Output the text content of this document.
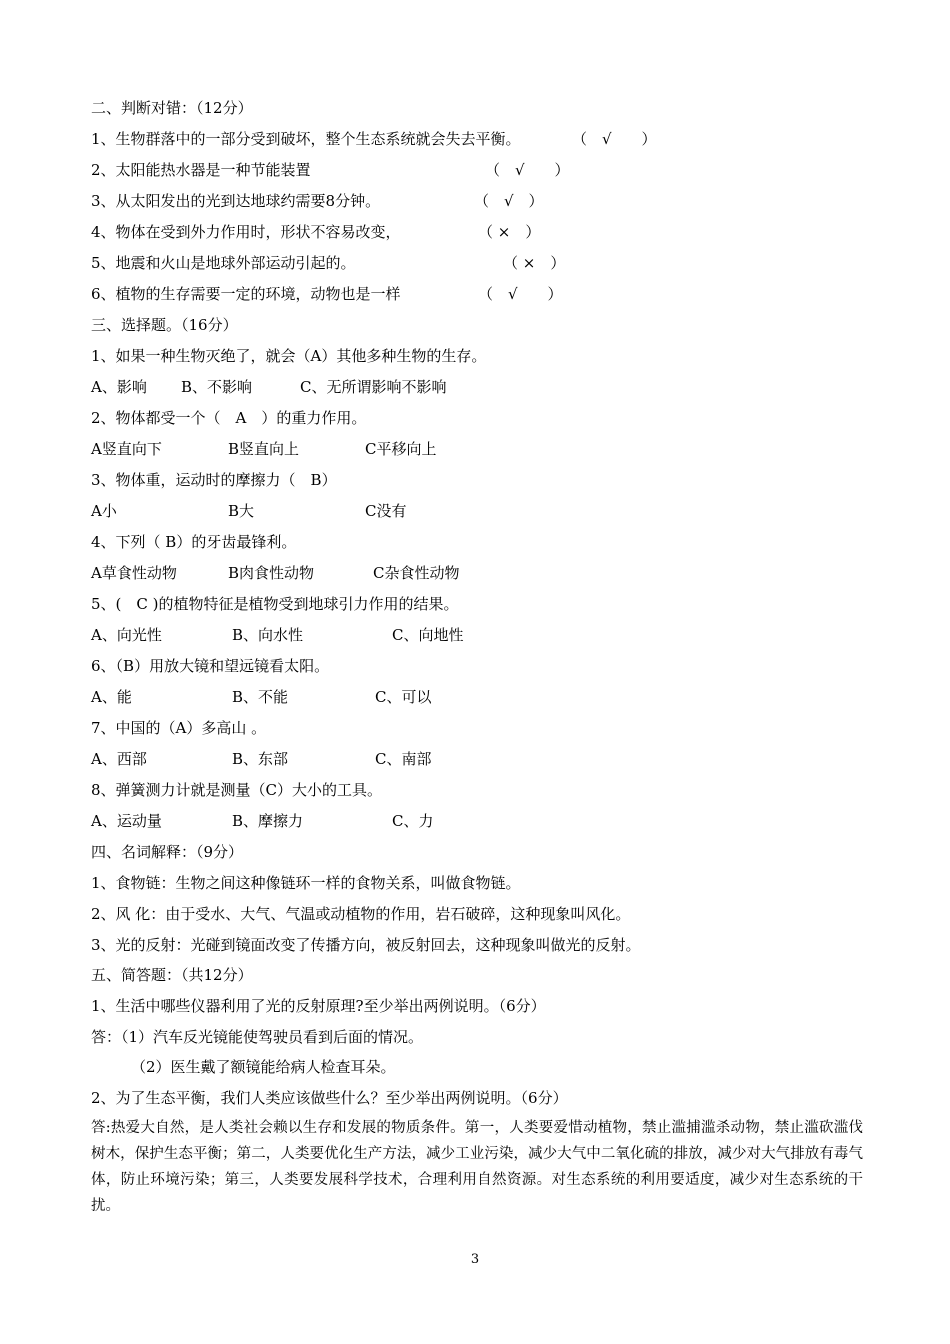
二、判断对错：（12分）
1、生物群落中的一部分受到破坏，整个生态系统就会失去平衡。	（　√　　）
2、太阳能热水器是一种节能装置	（　√　　）
3、从太阳发出的光到达地球约需要8分钟。	（　√　）
4、物体在受到外力作用时，形状不容易改变，	（ ×　）
5、地震和火山是地球外部运动引起的。	（ ×　）
6、植物的生存需要一定的环境，动物也是一样	（　√　　）
三、选择题。（16分）
1、如果一种生物灭绝了，就会（A）其他多种生物的生存。
A、影响 B、不影响	C、无所谓影响不影响
2、物体都受一个（　A　）的重力作用。
A竖直向下	B竖直向上	C平移向上
3、物体重，运动时的摩擦力（　B）
A小	B大	C没有
4、下列（ B）的牙齿最锋利。
A草食性动物	B肉食性动物	C杂食性动物
5、(　C )的植物特征是植物受到地球引力作用的结果。
A、向光性	B、向水性	C、向地性
6、（B）用放大镜和望远镜看太阳。
A、能	B、不能	C、可以
7、中国的（A）多高山 。
A、西部	B、东部	C、南部
8、弹簧测力计就是测量（C）大小的工具。
A、运动量	B、摩擦力	C、力
四、名词解释：（9分）
1、食物链：生物之间这种像链环一样的食物关系，叫做食物链。
2、风 化：由于受水、大气、气温或动植物的作用，岩石破碎，这种现象叫风化。
3、光的反射：光碰到镜面改变了传播方向，被反射回去，这种现象叫做光的反射。
五、简答题：（共12分）
1、生活中哪些仪器利用了光的反射原理?至少举出两例说明。（6分）
答：（1）汽车反光镜能使驾驶员看到后面的情况。
（2）医生戴了额镜能给病人检查耳朵。
2、为了生态平衡，我们人类应该做些什么？至少举出两例说明。（6分）
答:热爱大自然，是人类社会赖以生存和发展的物质条件。第一，人类要爱惜动植物，禁止滥捕滥杀动物，禁止滥砍滥伐树木，保护生态平衡；第二，人类要优化生产方法，减少工业污染，减少大气中二氧化硫的排放，减少对大气排放有毒气体，防止环境污染；第三，人类要发展科学技术，合理利用自然资源。对生态系统的利用要适度，减少对生态系统的干扰。
3
